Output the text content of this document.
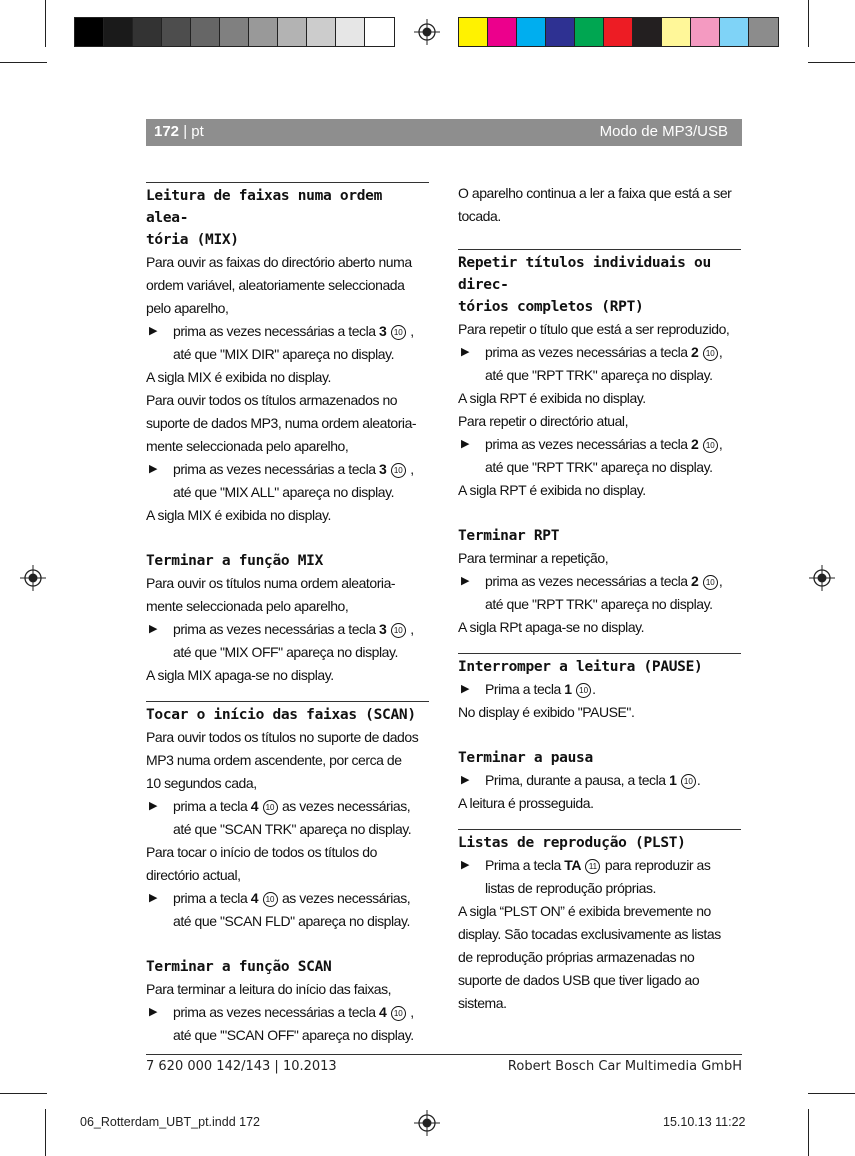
172 | pt	Modo de MP3/USB
Leitura de faixas numa ordem alea-
tória (MIX)
Para ouvir as faixas do directório aberto numa
ordem variável, aleatoriamente seleccionada
pelo aparelho,
▶ prima as vezes necessárias a tecla 3 10 ,
até que "MIX DIR" apareça no display.
A sigla MIX é exibida no display.
Para ouvir todos os títulos armazenados no
suporte de dados MP3, numa ordem aleatoria-
mente seleccionada pelo aparelho,
▶ prima as vezes necessárias a tecla 3 10 ,
até que "MIX ALL" apareça no display.
A sigla MIX é exibida no display.
Terminar a função MIX
Para ouvir os títulos numa ordem aleatoria-
mente seleccionada pelo aparelho,
▶ prima as vezes necessárias a tecla 3 10 ,
até que "MIX OFF" apareça no display.
A sigla MIX apaga-se no display.
Tocar o início das faixas (SCAN)
Para ouvir todos os títulos no suporte de dados
MP3 numa ordem ascendente, por cerca de
10 segundos cada,
▶ prima a tecla 4 10 as vezes necessárias,
até que "SCAN TRK" apareça no display.
Para tocar o início de todos os títulos do
directório actual,
▶ prima a tecla 4 10 as vezes necessárias,
até que "SCAN FLD" apareça no display.
Terminar a função SCAN
Para terminar a leitura do início das faixas,
▶ prima as vezes necessárias a tecla 4 10 ,
até que '"SCAN OFF" apareça no display.
O aparelho continua a ler a faixa que está a ser
tocada.
Repetir títulos individuais ou direc-
tórios completos (RPT)
Para repetir o título que está a ser reproduzido,
▶ prima as vezes necessárias a tecla 2 10 ,
até que "RPT TRK" apareça no display.
A sigla RPT é exibida no display.
Para repetir o directório atual,
▶ prima as vezes necessárias a tecla 2 10 ,
até que "RPT TRK" apareça no display.
A sigla RPT é exibida no display.
Terminar RPT
Para terminar a repetição,
▶ prima as vezes necessárias a tecla 2 10 ,
até que "RPT TRK" apareça no display.
A sigla RPt apaga-se no display.
Interromper a leitura (PAUSE)
▶ Prima a tecla 1 10 .
No display é exibido "PAUSE".
Terminar a pausa
▶ Prima, durante a pausa, a tecla 1 10 .
A leitura é prosseguida.
Listas de reprodução (PLST)
▶ Prima a tecla TA 11 para reproduzir as
listas de reprodução próprias.
A sigla “PLST ON” é exibida brevemente no
display. São tocadas exclusivamente as listas
de reprodução próprias armazenadas no
suporte de dados USB que tiver ligado ao
sistema.
7 620 000 142/143 | 10.2013	Robert Bosch Car Multimedia GmbH
06_Rotterdam_UBT_pt.indd 172	15.10.13 11:22
